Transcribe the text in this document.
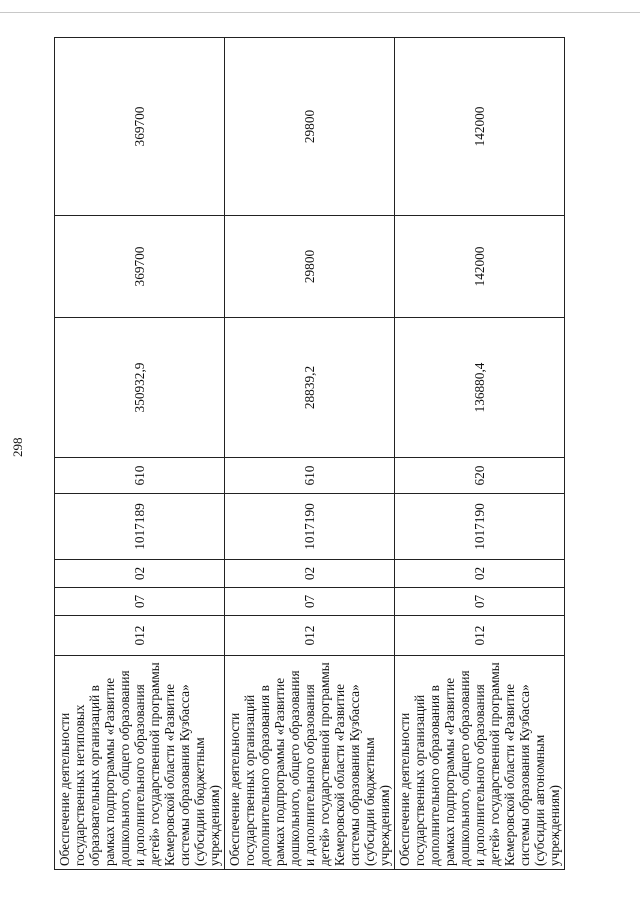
298
Обеспечение деятельности государственных нетиповых образовательных организаций в рамках подпрограммы «Развитие дошкольного, общего образования и дополнительного образования детей» государственной программы Кемеровской области «Развитие системы образования Кузбасса» (субсидии бюджетным учреждениям)	012	07	02	1017189	610	350932,9	369700	369700
Обеспечение деятельности государственных организаций дополнительного образования в рамках подпрограммы «Развитие дошкольного, общего образования и дополнительного образования детей» государственной программы Кемеровской области «Развитие системы образования Кузбасса» (субсидии бюджетным учреждениям)	012	07	02	1017190	610	28839,2	29800	29800
Обеспечение деятельности государственных организаций дополнительного образования в рамках подпрограммы «Развитие дошкольного, общего образования и дополнительного образования детей» государственной программы Кемеровской области «Развитие системы образования Кузбасса» (субсидии автономным учреждениям)	012	07	02	1017190	620	136880,4	142000	142000
